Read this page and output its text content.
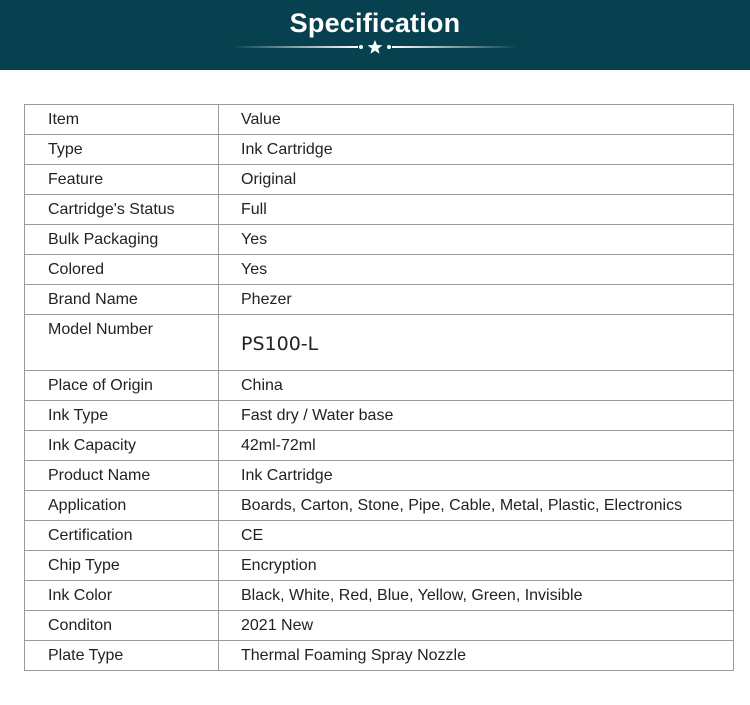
Specification
Item	Value
Type	Ink Cartridge
Feature	Original
Cartridge's Status	Full
Bulk Packaging	Yes
Colored	Yes
Brand Name	Phezer
Model Number	PS100-L
Place of Origin	China
Ink Type	Fast dry / Water base
Ink Capacity	42ml-72ml
Product Name	Ink Cartridge
Application	Boards, Carton, Stone, Pipe, Cable, Metal, Plastic, Electronics
Certification	CE
Chip Type	Encryption
Ink Color	Black, White, Red, Blue, Yellow, Green, Invisible
Conditon	2021 New
Plate Type	Thermal Foaming Spray Nozzle
